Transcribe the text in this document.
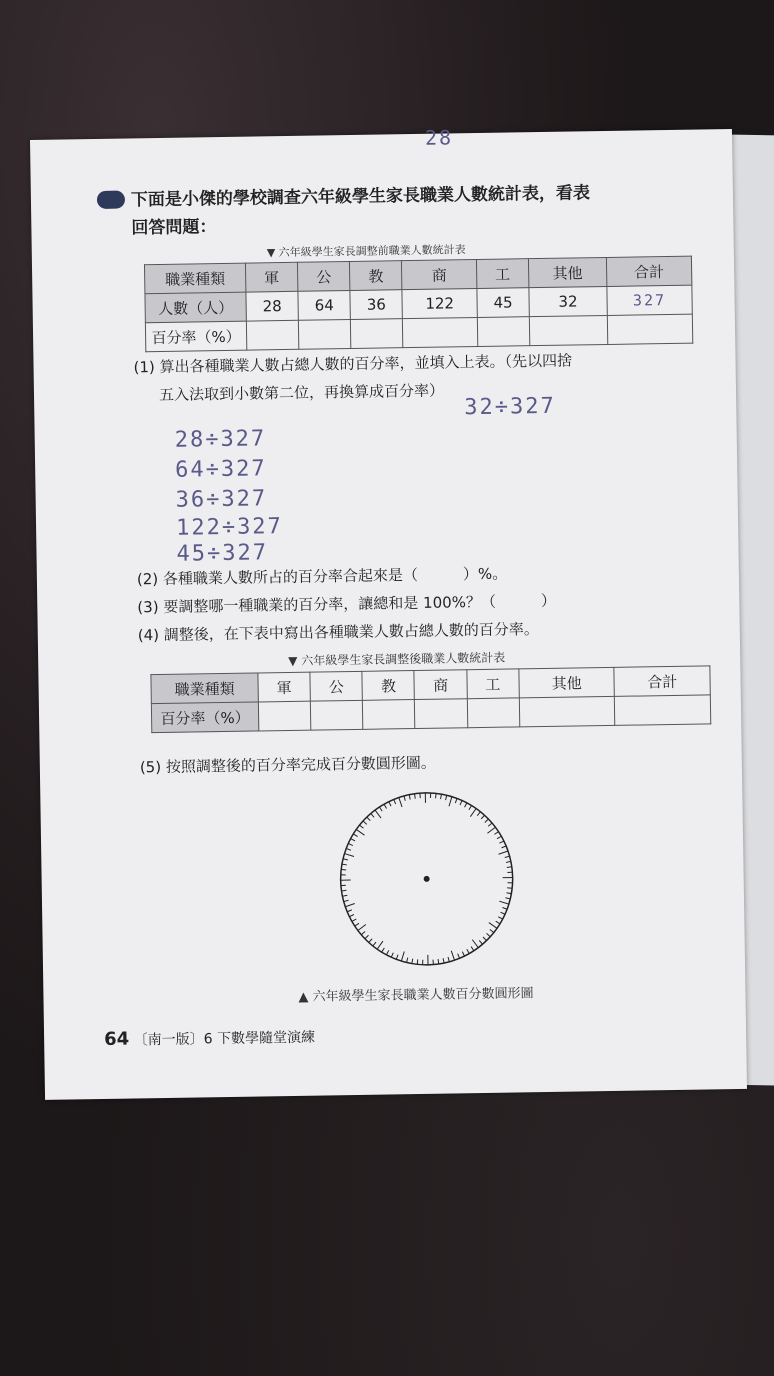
28
下面是小傑的學校調查六年級學生家長職業人數統計表，看表
回答問題：
▼ 六年級學生家長調整前職業人數統計表
職業種類	軍	公	教	商	工	其他	合計
人數（人）	28	64	36	122	45	32	327
百分率（%）							
(1) 算出各種職業人數占總人數的百分率，並填入上表。（先以四捨
五入法取到小數第二位，再換算成百分率）
32÷327
28÷327
64÷327
36÷327
122÷327
45÷327
(2) 各種職業人數所占的百分率合起來是（　　　）%。
(3) 要調整哪一種職業的百分率，讓總和是 100%？（　　　）
(4) 調整後，在下表中寫出各種職業人數占總人數的百分率。
▼ 六年級學生家長調整後職業人數統計表
職業種類	軍	公	教	商	工	其他	合計
百分率（%）							
(5) 按照調整後的百分率完成百分數圓形圖。
▲ 六年級學生家長職業人數百分數圓形圖
64 〔南一版〕6 下數學隨堂演練
